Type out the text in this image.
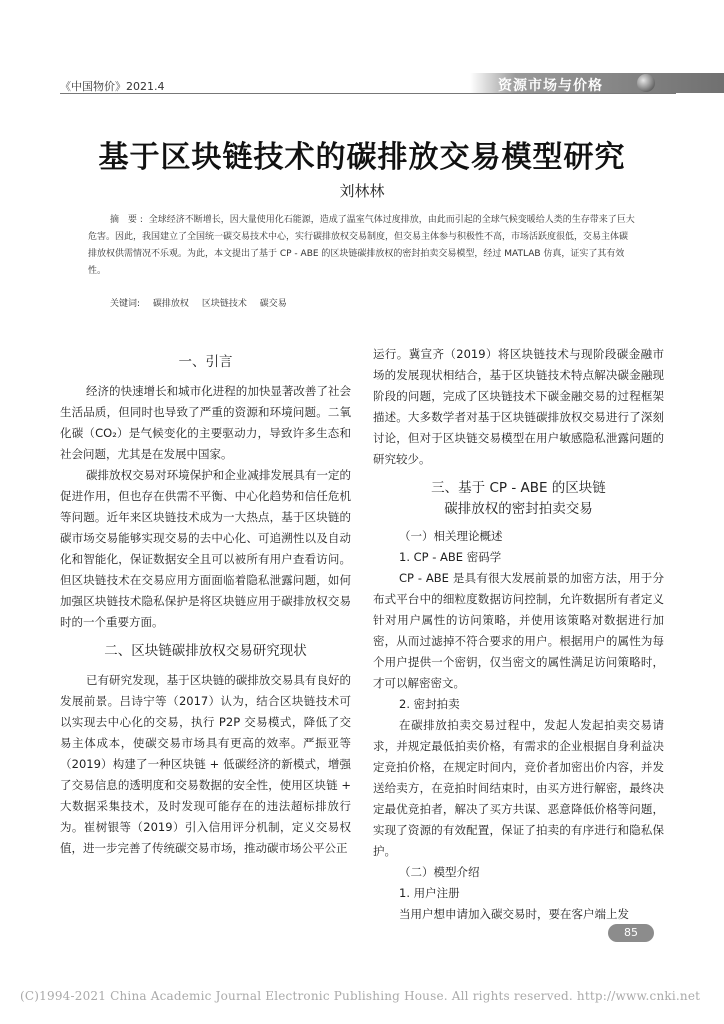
《中国物价》2021.4	资源市场与价格
基于区块链技术的碳排放交易模型研究
刘林林
摘 要: 全球经济不断增长，因大量使用化石能源，造成了温室气体过度排放，由此而引起的全球气候变暖给人类的生存带来了巨大危害。因此，我国建立了全国统一碳交易技术中心，实行碳排放权交易制度，但交易主体参与积极性不高，市场活跃度很低，交易主体碳排放权供需情况不乐观。为此，本文提出了基于 CP - ABE 的区块链碳排放权的密封拍卖交易模型，经过 MATLAB 仿真，证实了其有效性。
关键词: 碳排放权 区块链技术 碳交易
一、引言

经济的快速增长和城市化进程的加快显著改善了社会生活品质，但同时也导致了严重的资源和环境问题。二氧化碳（CO₂）是气候变化的主要驱动力，导致许多生态和社会问题，尤其是在发展中国家。

碳排放权交易对环境保护和企业减排发展具有一定的促进作用，但也存在供需不平衡、中心化趋势和信任危机等问题。近年来区块链技术成为一大热点，基于区块链的碳市场交易能够实现交易的去中心化、可追溯性以及自动化和智能化，保证数据安全且可以被所有用户查看访问。但区块链技术在交易应用方面面临着隐私泄露问题，如何加强区块链技术隐私保护是将区块链应用于碳排放权交易时的一个重要方面。

二、区块链碳排放权交易研究现状

已有研究发现，基于区块链的碳排放交易具有良好的发展前景。吕诗宁等（2017）认为，结合区块链技术可以实现去中心化的交易，执行 P2P 交易模式，降低了交易主体成本，使碳交易市场具有更高的效率。严振亚等（2019）构建了一种区块链 + 低碳经济的新模式，增强了交易信息的透明度和交易数据的安全性，使用区块链 + 大数据采集技术，及时发现可能存在的违法超标排放行为。崔树银等（2019）引入信用评分机制，定义交易权值，进一步完善了传统碳交易市场，推动碳市场公平公正

运行。冀宣齐（2019）将区块链技术与现阶段碳金融市场的发展现状相结合，基于区块链技术特点解决碳金融现阶段的问题，完成了区块链技术下碳金融交易的过程框架描述。大多数学者对基于区块链碳排放权交易进行了深刻讨论，但对于区块链交易模型在用户敏感隐私泄露问题的研究较少。

三、基于 CP - ABE 的区块链
碳排放权的密封拍卖交易
（一）相关理论概述
1. CP - ABE 密码学

CP - ABE 是具有很大发展前景的加密方法，用于分布式平台中的细粒度数据访问控制，允许数据所有者定义针对用户属性的访问策略，并使用该策略对数据进行加密，从而过滤掉不符合要求的用户。根据用户的属性为每个用户提供一个密钥，仅当密文的属性满足访问策略时，才可以解密密文。

2. 密封拍卖

在碳排放拍卖交易过程中，发起人发起拍卖交易请求，并规定最低拍卖价格，有需求的企业根据自身利益决定竞拍价格，在规定时间内，竞价者加密出价内容，并发送给卖方，在竞拍时间结束时，由买方进行解密，最终决定最优竞拍者，解决了买方共谋、恶意降低价格等问题，实现了资源的有效配置，保证了拍卖的有序进行和隐私保护。

（二）模型介绍
1. 用户注册

当用户想申请加入碳交易时，要在客户端上发

85
(C)1994-2021 China Academic Journal Electronic Publishing House. All rights reserved. http://www.cnki.net
